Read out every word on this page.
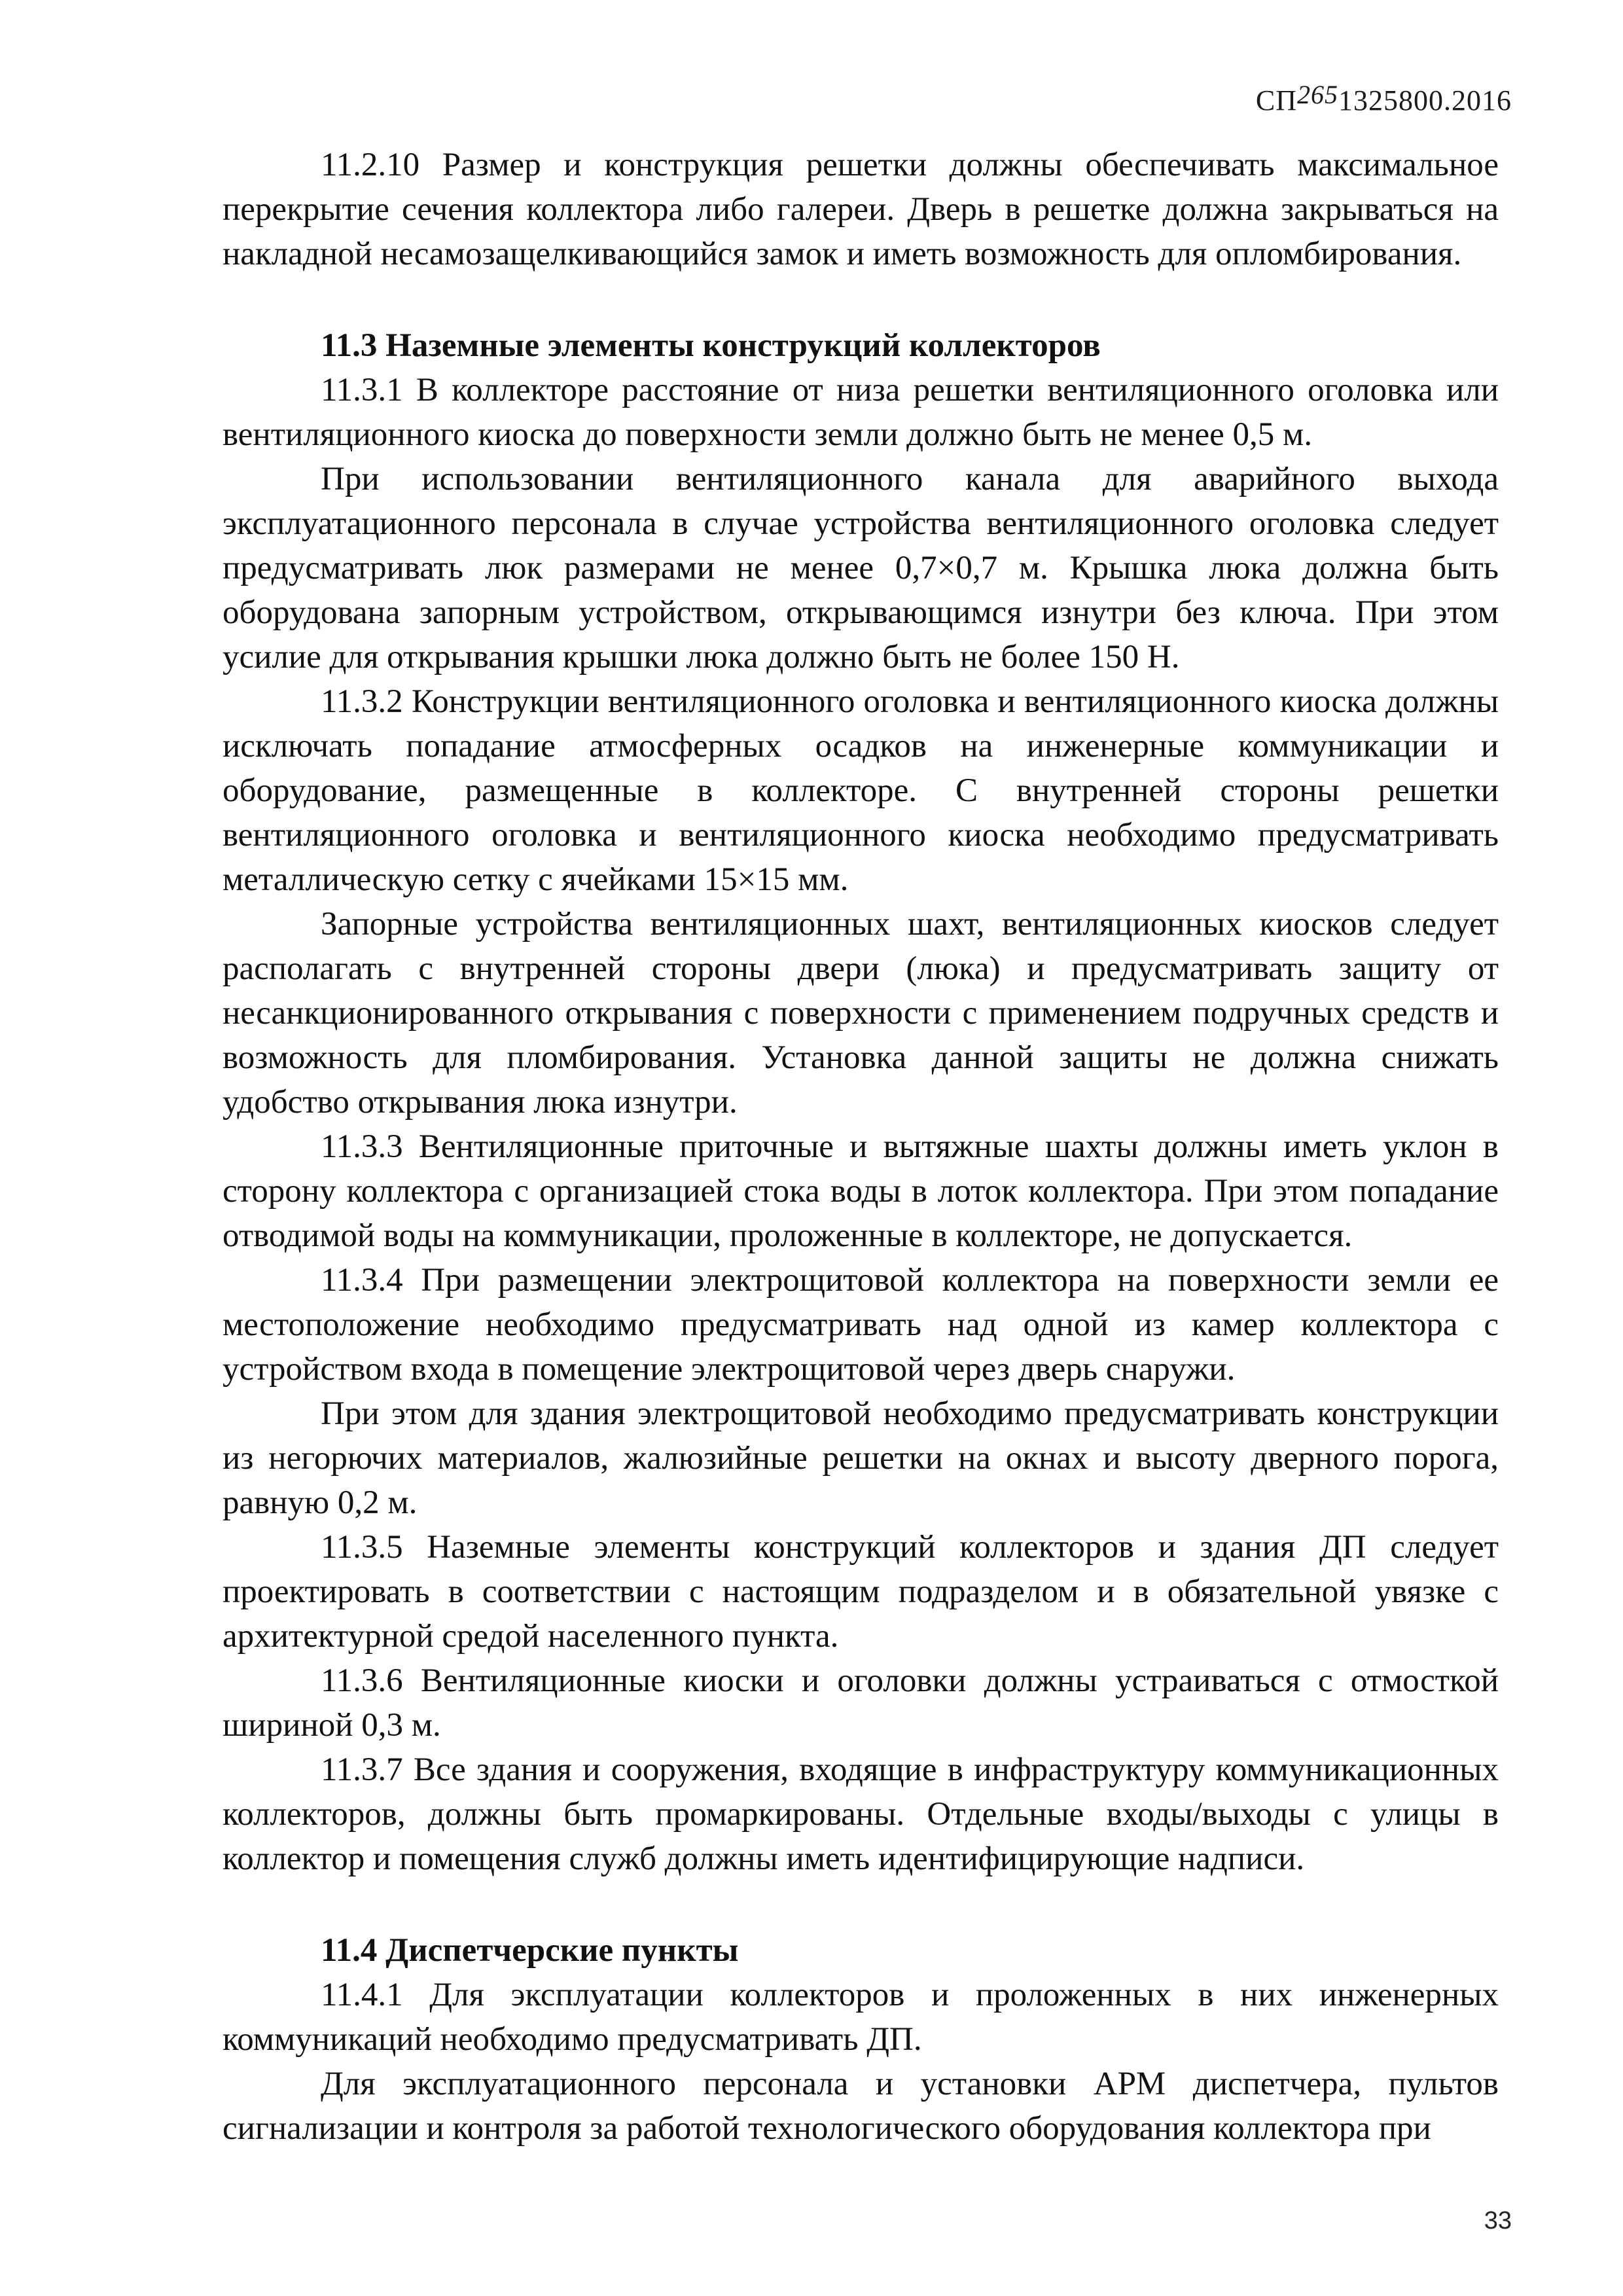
СП2651325800.2016

11.2.10 Размер и конструкция решетки должны обеспечивать максимальное перекрытие сечения коллектора либо галереи. Дверь в решетке должна закрываться на накладной несамозащелкивающийся замок и иметь возможность для опломбирования.

11.3 Наземные элементы конструкций коллекторов

11.3.1 В коллекторе расстояние от низа решетки вентиляционного оголовка или вентиляционного киоска до поверхности земли должно быть не менее 0,5 м.

При использовании вентиляционного канала для аварийного выхода эксплуатационного персонала в случае устройства вентиляционного оголовка следует предусматривать люк размерами не менее 0,7×0,7 м. Крышка люка должна быть оборудована запорным устройством, открывающимся изнутри без ключа. При этом усилие для открывания крышки люка должно быть не более 150 Н.

11.3.2 Конструкции вентиляционного оголовка и вентиляционного киоска должны исключать попадание атмосферных осадков на инженерные коммуникации и оборудование, размещенные в коллекторе. С внутренней стороны решетки вентиляционного оголовка и вентиляционного киоска необходимо предусматривать металлическую сетку с ячейками 15×15 мм.

Запорные устройства вентиляционных шахт, вентиляционных киосков следует располагать с внутренней стороны двери (люка) и предусматривать защиту от несанкционированного открывания с поверхности с применением подручных средств и возможность для пломбирования. Установка данной защиты не должна снижать удобство открывания люка изнутри.

11.3.3 Вентиляционные приточные и вытяжные шахты должны иметь уклон в сторону коллектора с организацией стока воды в лоток коллектора. При этом попадание отводимой воды на коммуникации, проложенные в коллекторе, не допускается.

11.3.4 При размещении электрощитовой коллектора на поверхности земли ее местоположение необходимо предусматривать над одной из камер коллектора с устройством входа в помещение электрощитовой через дверь снаружи.

При этом для здания электрощитовой необходимо предусматривать конструкции из негорючих материалов, жалюзийные решетки на окнах и высоту дверного порога, равную 0,2 м.

11.3.5 Наземные элементы конструкций коллекторов и здания ДП следует проектировать в соответствии с настоящим подразделом и в обязательной увязке с архитектурной средой населенного пункта.

11.3.6 Вентиляционные киоски и оголовки должны устраиваться с отмосткой шириной 0,3 м.

11.3.7 Все здания и сооружения, входящие в инфраструктуру коммуникационных коллекторов, должны быть промаркированы. Отдельные входы/выходы с улицы в коллектор и помещения служб должны иметь идентифицирующие надписи.

11.4 Диспетчерские пункты

11.4.1 Для эксплуатации коллекторов и проложенных в них инженерных коммуникаций необходимо предусматривать ДП.

Для эксплуатационного персонала и установки АРМ диспетчера, пультов сигнализации и контроля за работой технологического оборудования коллектора при

33
